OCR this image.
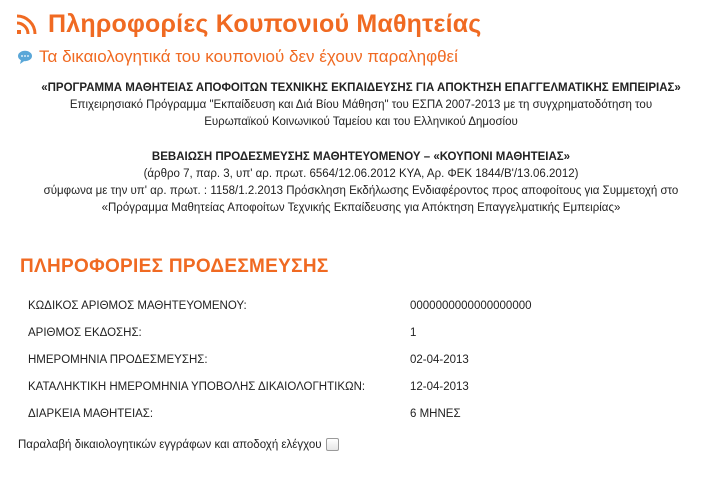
Πληροφορίες Κουπονιού Μαθητείας
Τα δικαιολογητικά του κουπονιού δεν έχουν παραληφθεί
«ΠΡΟΓΡΑΜΜΑ ΜΑΘΗΤΕΙΑΣ ΑΠΟΦΟΙΤΩΝ ΤΕΧΝΙΚΗΣ ΕΚΠΑΙΔΕΥΣΗΣ ΓΙΑ ΑΠΟΚΤΗΣΗ ΕΠΑΓΓΕΛΜΑΤΙΚΗΣ ΕΜΠΕΙΡΙΑΣ»
Επιχειρησιακό Πρόγραμμα "Εκπαίδευση και Διά Βίου Μάθηση" του ΕΣΠΑ 2007-2013 με τη συγχρηματοδότηση του
Ευρωπαϊκού Κοινωνικού Ταμείου και του Ελληνικού Δημοσίου
ΒΕΒΑΙΩΣΗ ΠΡΟΔΕΣΜΕΥΣΗΣ ΜΑΘΗΤΕΥΟΜΕΝΟΥ – «ΚΟΥΠΟΝΙ ΜΑΘΗΤΕΙΑΣ»
(άρθρο 7, παρ. 3, υπ' αρ. πρωτ. 6564/12.06.2012 ΚΥΑ, Αρ. ΦΕΚ 1844/Β'/13.06.2012)
σύμφωνα με την υπ' αρ. πρωτ. : 1158/1.2.2013 Πρόσκληση Εκδήλωσης Ενδιαφέροντος προς αποφοίτους για Συμμετοχή στο
«Πρόγραμμα Μαθητείας Αποφοίτων Τεχνικής Εκπαίδευσης για Απόκτηση Επαγγελματικής Εμπειρίας»
ΠΛΗΡΟΦΟΡΙΕΣ ΠΡΟΔΕΣΜΕΥΣΗΣ
ΚΩΔΙΚΟΣ ΑΡΙΘΜΟΣ ΜΑΘΗΤΕΥΟΜΕΝΟΥ:	0000000000000000000
ΑΡΙΘΜΟΣ ΕΚΔΟΣΗΣ:	1
ΗΜΕΡΟΜΗΝΙΑ ΠΡΟΔΕΣΜΕΥΣΗΣ:	02-04-2013
ΚΑΤΑΛΗΚΤΙΚΗ ΗΜΕΡΟΜΗΝΙΑ ΥΠΟΒΟΛΗΣ ΔΙΚΑΙΟΛΟΓΗΤΙΚΩΝ:	12-04-2013
ΔΙΑΡΚΕΙΑ ΜΑΘΗΤΕΙΑΣ:	6 ΜΗΝΕΣ
Παραλαβή δικαιολογητικών εγγράφων και αποδοχή ελέγχου
